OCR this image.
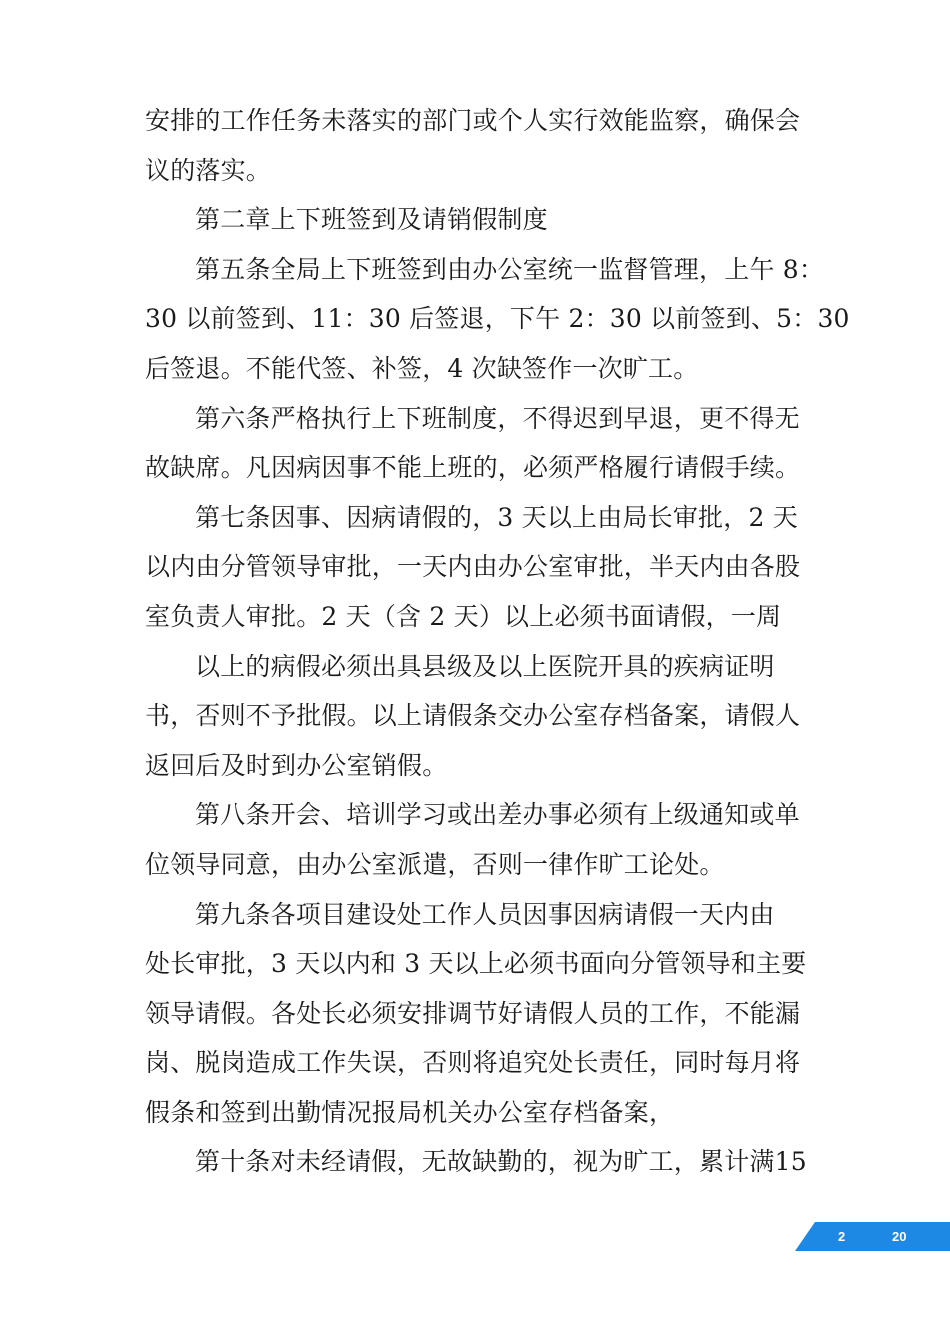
安排的工作任务未落实的部门或个人实行效能监察，确保会
议的落实。
第二章上下班签到及请销假制度
第五条全局上下班签到由办公室统一监督管理，上午 8：
30 以前签到、11：30 后签退，下午 2：30 以前签到、5：30
后签退。不能代签、补签，4 次缺签作一次旷工。
第六条严格执行上下班制度，不得迟到早退，更不得无
故缺席。凡因病因事不能上班的，必须严格履行请假手续。
第七条因事、因病请假的，3 天以上由局长审批，2 天
以内由分管领导审批，一天内由办公室审批，半天内由各股
室负责人审批。2 天（含 2 天）以上必须书面请假，一周
以上的病假必须出具县级及以上医院开具的疾病证明
书，否则不予批假。以上请假条交办公室存档备案，请假人
返回后及时到办公室销假。
第八条开会、培训学习或出差办事必须有上级通知或单
位领导同意，由办公室派遣，否则一律作旷工论处。
第九条各项目建设处工作人员因事因病请假一天内由
处长审批，3 天以内和 3 天以上必须书面向分管领导和主要
领导请假。各处长必须安排调节好请假人员的工作，不能漏
岗、脱岗造成工作失误，否则将追究处长责任，同时每月将
假条和签到出勤情况报局机关办公室存档备案，
第十条对未经请假，无故缺勤的，视为旷工，累计满15
2	20
